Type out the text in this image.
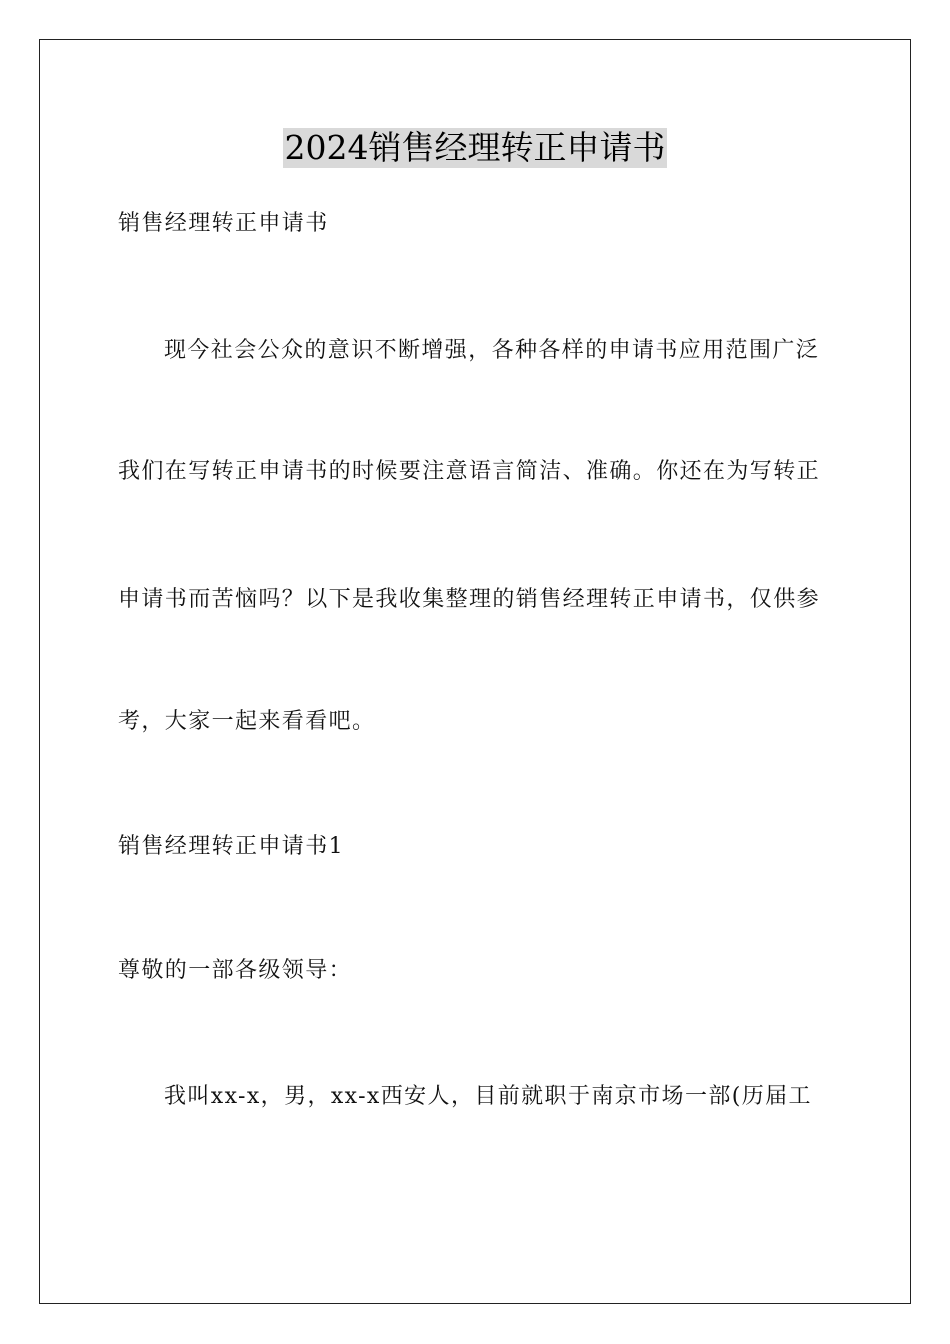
2024销售经理转正申请书
销售经理转正申请书
现今社会公众的意识不断增强，各种各样的申请书应用范围广泛
我们在写转正申请书的时候要注意语言简洁、准确。你还在为写转正
申请书而苦恼吗？以下是我收集整理的销售经理转正申请书，仅供参
考，大家一起来看看吧。
销售经理转正申请书1
尊敬的一部各级领导：
我叫xx-x，男，xx-x西安人，目前就职于南京市场一部(历届工
